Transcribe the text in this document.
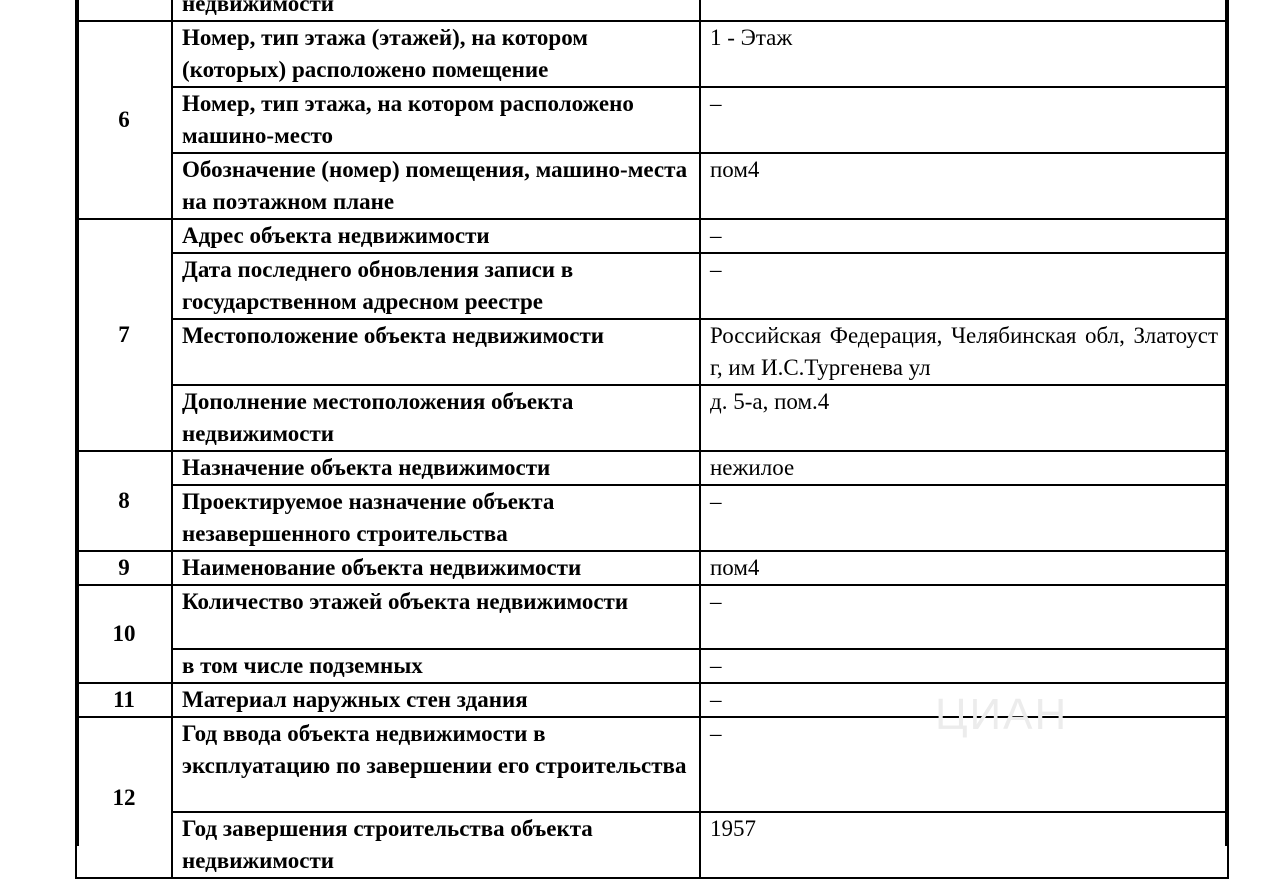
	недвижимости	
6	Номер, тип этажа (этажей), на котором (которых) расположено помещение	1 - Этаж
	Номер, тип этажа, на котором расположено машино-место	–
	Обозначение (номер) помещения, машино-места на поэтажном плане	пом4
7	Адрес объекта недвижимости	–
	Дата последнего обновления записи в государственном адресном реестре	–
	Местоположение объекта недвижимости	Российская Федерация, Челябинская обл, Златоуст г, им И.С.Тургенева ул
	Дополнение местоположения объекта недвижимости	д. 5-а, пом.4
8	Назначение объекта недвижимости	нежилое
	Проектируемое назначение объекта незавершенного строительства	–
9	Наименование объекта недвижимости	пом4
10	Количество этажей объекта недвижимости	–
	в том числе подземных	–
11	Материал наружных стен здания	–
12	Год ввода объекта недвижимости в эксплуатацию по завершении его строительства	–
	Год завершения строительства объекта недвижимости	1957
ЦИАН
